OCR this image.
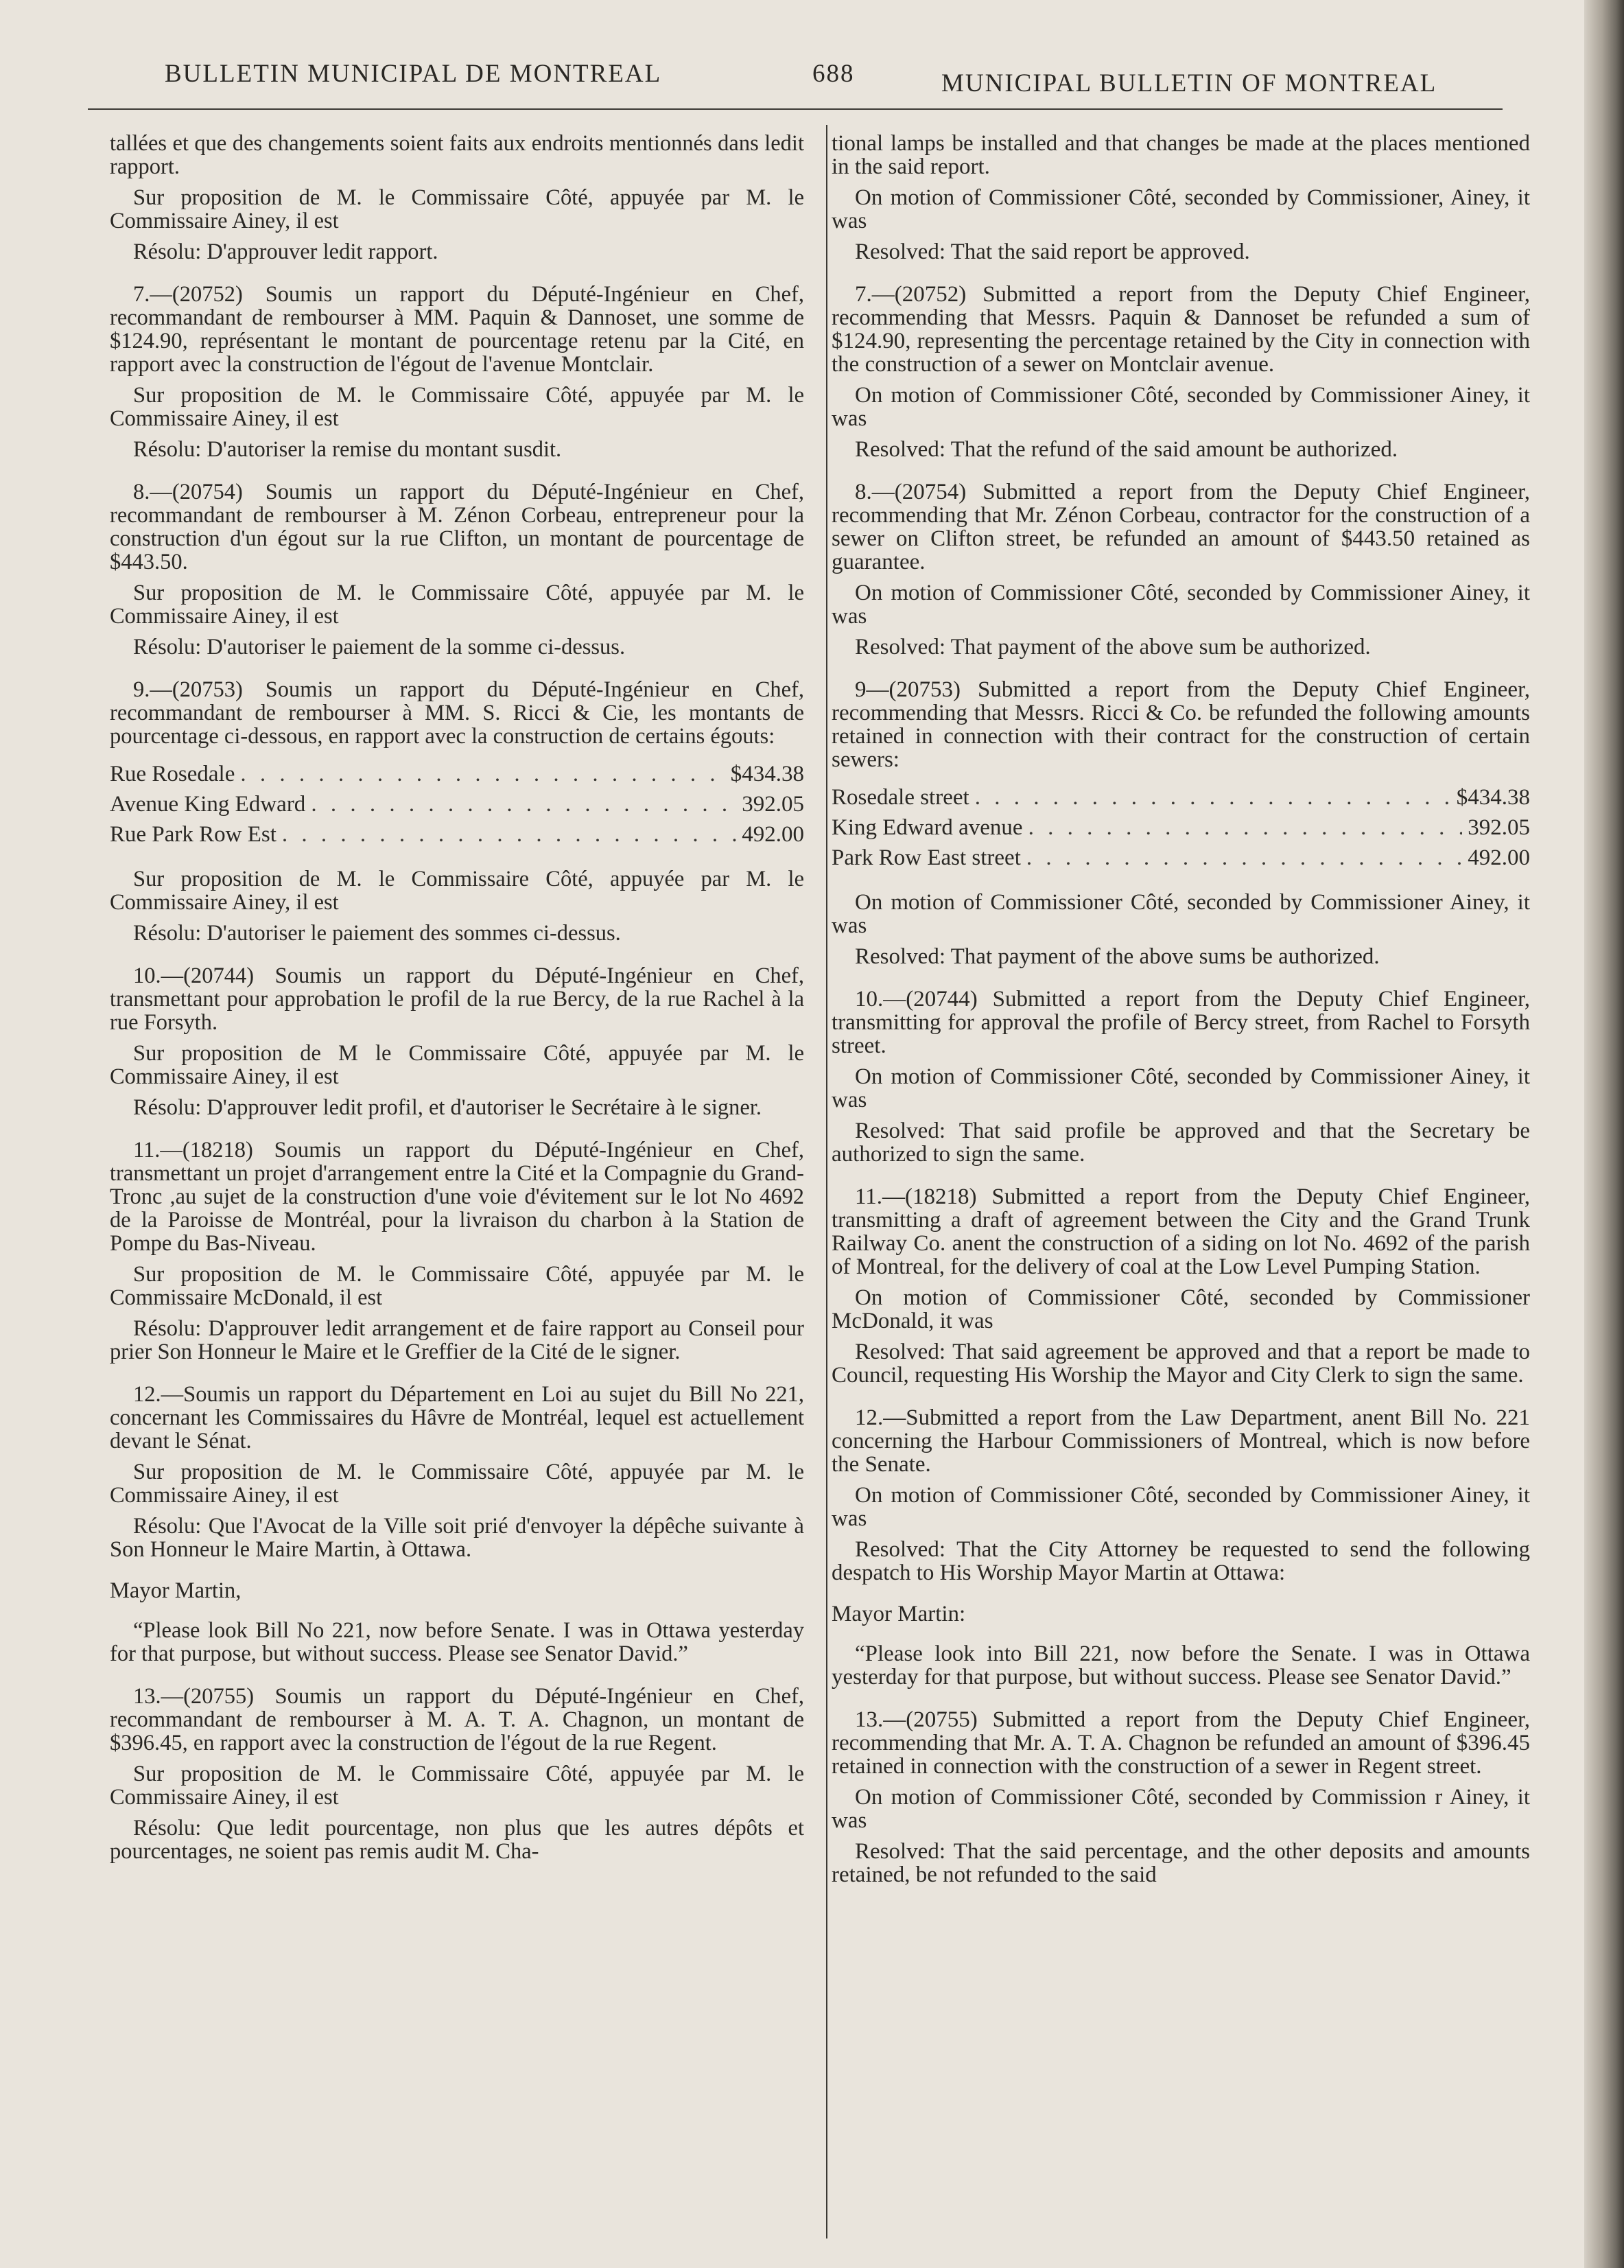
BULLETIN MUNICIPAL DE MONTREAL	688	MUNICIPAL BULLETIN OF MONTREAL

tallées et que des changements soient faits aux endroits mentionnés dans ledit rapport.

Sur proposition de M. le Commissaire Côté, appuyée par M. le Commissaire Ainey, il est

Résolu: D'approuver ledit rapport.

7.—(20752) Soumis un rapport du Député-Ingénieur en Chef, recommandant de rembourser à MM. Paquin & Dannoset, une somme de $124.90, représentant le montant de pourcentage retenu par la Cité, en rapport avec la construction de l'égout de l'avenue Montclair.

Sur proposition de M. le Commissaire Côté, appuyée par M. le Commissaire Ainey, il est

Résolu: D'autoriser la remise du montant susdit.

8.—(20754) Soumis un rapport du Député-Ingénieur en Chef, recommandant de rembourser à M. Zénon Corbeau, entrepreneur pour la construction d'un égout sur la rue Clifton, un montant de pourcentage de $443.50.

Sur proposition de M. le Commissaire Côté, appuyée par M. le Commissaire Ainey, il est

Résolu: D'autoriser le paiement de la somme ci-dessus.

9.—(20753) Soumis un rapport du Député-Ingénieur en Chef, recommandant de rembourser à MM. S. Ricci & Cie, les montants de pourcentage ci-dessous, en rapport avec la construction de certains égouts:

Rue Rosedale . . .	$434.38
Avenue King Edward . . .	392.05
Rue Park Row Est . . .	492.00

Sur proposition de M. le Commissaire Côté, appuyée par M. le Commissaire Ainey, il est

Résolu: D'autoriser le paiement des sommes ci-dessus.

10.—(20744) Soumis un rapport du Député-Ingénieur en Chef, transmettant pour approbation le profil de la rue Bercy, de la rue Rachel à la rue Forsyth.

Sur proposition de M le Commissaire Côté, appuyée par M. le Commissaire Ainey, il est

Résolu: D'approuver ledit profil, et d'autoriser le Secrétaire à le signer.

11.—(18218) Soumis un rapport du Député-Ingénieur en Chef, transmettant un projet d'arrangement entre la Cité et la Compagnie du Grand-Tronc ,au sujet de la construction d'une voie d'évitement sur le lot No 4692 de la Paroisse de Montréal, pour la livraison du charbon à la Station de Pompe du Bas-Niveau.

Sur proposition de M. le Commissaire Côté, appuyée par M. le Commissaire McDonald, il est

Résolu: D'approuver ledit arrangement et de faire rapport au Conseil pour prier Son Honneur le Maire et le Greffier de la Cité de le signer.

12.—Soumis un rapport du Département en Loi au sujet du Bill No 221, concernant les Commissaires du Hâvre de Montréal, lequel est actuellement devant le Sénat.

Sur proposition de M. le Commissaire Côté, appuyée par M. le Commissaire Ainey, il est

Résolu: Que l'Avocat de la Ville soit prié d'envoyer la dépêche suivante à Son Honneur le Maire Martin, à Ottawa.

Mayor Martin,

“Please look Bill No 221, now before Senate. I was in Ottawa yesterday for that purpose, but without success. Please see Senator David.”

13.—(20755) Soumis un rapport du Député-Ingénieur en Chef, recommandant de rembourser à M. A. T. A. Chagnon, un montant de $396.45, en rapport avec la construction de l'égout de la rue Regent.

Sur proposition de M. le Commissaire Côté, appuyée par M. le Commissaire Ainey, il est

Résolu: Que ledit pourcentage, non plus que les autres dépôts et pourcentages, ne soient pas remis audit M. Cha-

tional lamps be installed and that changes be made at the places mentioned in the said report.

On motion of Commissioner Côté, seconded by Commissioner, Ainey, it was

Resolved: That the said report be approved.

7.—(20752) Submitted a report from the Deputy Chief Engineer, recommending that Messrs. Paquin & Dannoset be refunded a sum of $124.90, representing the percentage retained by the City in connection with the construction of a sewer on Montclair avenue.

On motion of Commissioner Côté, seconded by Commissioner Ainey, it was

Resolved: That the refund of the said amount be authorized.

8.—(20754) Submitted a report from the Deputy Chief Engineer, recommending that Mr. Zénon Corbeau, contractor for the construction of a sewer on Clifton street, be refunded an amount of $443.50 retained as guarantee.

On motion of Commissioner Côté, seconded by Commissioner Ainey, it was

Resolved: That payment of the above sum be authorized.

9—(20753) Submitted a report from the Deputy Chief Engineer, recommending that Messrs. Ricci & Co. be refunded the following amounts retained in connection with their contract for the construction of certain sewers:

Rosedale street . . .	$434.38
King Edward avenue . . .	392.05
Park Row East street . . .	492.00

On motion of Commissioner Côté, seconded by Commissioner Ainey, it was

Resolved: That payment of the above sums be authorized.

10.—(20744) Submitted a report from the Deputy Chief Engineer, transmitting for approval the profile of Bercy street, from Rachel to Forsyth street.

On motion of Commissioner Côté, seconded by Commissioner Ainey, it was

Resolved: That said profile be approved and that the Secretary be authorized to sign the same.

11.—(18218) Submitted a report from the Deputy Chief Engineer, transmitting a draft of agreement between the City and the Grand Trunk Railway Co. anent the construction of a siding on lot No. 4692 of the parish of Montreal, for the delivery of coal at the Low Level Pumping Station.

On motion of Commissioner Côté, seconded by Commissioner McDonald, it was

Resolved: That said agreement be approved and that a report be made to Council, requesting His Worship the Mayor and City Clerk to sign the same.

12.—Submitted a report from the Law Department, anent Bill No. 221 concerning the Harbour Commissioners of Montreal, which is now before the Senate.

On motion of Commissioner Côté, seconded by Commissioner Ainey, it was

Resolved: That the City Attorney be requested to send the following despatch to His Worship Mayor Martin at Ottawa:

Mayor Martin:

“Please look into Bill 221, now before the Senate. I was in Ottawa yesterday for that purpose, but without success. Please see Senator David.”

13.—(20755) Submitted a report from the Deputy Chief Engineer, recommending that Mr. A. T. A. Chagnon be refunded an amount of $396.45 retained in connection with the construction of a sewer in Regent street.

On motion of Commissioner Côté, seconded by Commission r Ainey, it was

Resolved: That the said percentage, and the other deposits and amounts retained, be not refunded to the said
